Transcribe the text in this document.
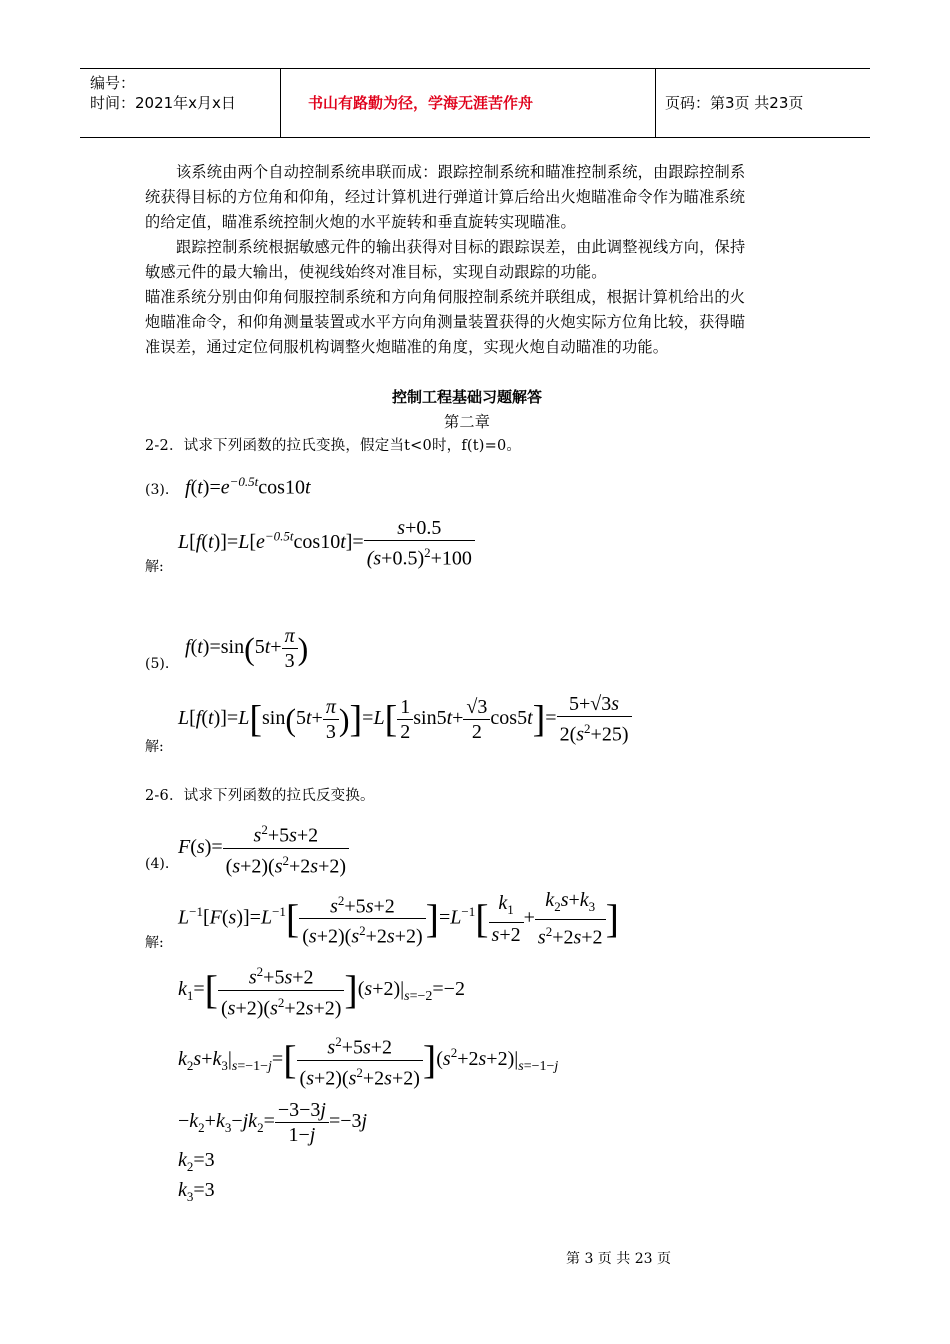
编号：
时间：2021年x月x日	书山有路勤为径，学海无涯苦作舟	页码：第3页 共23页
该系统由两个自动控制系统串联而成：跟踪控制系统和瞄准控制系统，由跟踪控制系
统获得目标的方位角和仰角，经过计算机进行弹道计算后给出火炮瞄准命令作为瞄准系统
的给定值，瞄准系统控制火炮的水平旋转和垂直旋转实现瞄准。
跟踪控制系统根据敏感元件的输出获得对目标的跟踪误差，由此调整视线方向，保持
敏感元件的最大输出，使视线始终对准目标，实现自动跟踪的功能。
瞄准系统分别由仰角伺服控制系统和方向角伺服控制系统并联组成，根据计算机给出的火
炮瞄准命令，和仰角测量装置或水平方向角测量装置获得的火炮实际方位角比较，获得瞄
准误差，通过定位伺服机构调整火炮瞄准的角度，实现火炮自动瞄准的功能。
控制工程基础习题解答
第二章
2-2．试求下列函数的拉氏变换，假定当t<0时，f(t)=0。
(3). $f(t)=e^{-0.5t}\cos 10t$
解:
$L[f(t)]=L[e^{-0.5t}\cos 10t]= \frac{s+0.5}{(s+0.5)^2+100}$
(5).
$f(t)=\sin(5t+ \frac{\pi}{3}$ )
解:
$L[f(t)]=L[\sin(5t+ \frac{\pi}{3} )]=L[ \frac{1}{2} \sin 5t+ \frac{√3}{2} \cos 5t]= \frac{5+√3s}{2(s^2+25)}$
2-6．试求下列函数的拉氏反变换。
(4).
$F(s)= \frac{s^2+5s+2}{(s+2)(s^2+2s+2)}$
解:
$L^{-1}[F(s)]=L^{-1}[ \frac{s^2+5s+2}{(s+2)(s^2+2s+2)} ]=L^{-1}[ \frac{k_1}{s+2} + \frac{k_2s+k_3}{s^2+2s+2}$ ]
$k_1=[ \frac{s^2+5s+2}{(s+2)(s^2+2s+2)} ](s+2)|_{s=-2}=-2$
$k_2s+k_3|_{s=-1-j}=[ \frac{s^2+5s+2}{(s+2)(s^2+2s+2)} ](s^2+2s+2)|_{s=-1-j}$
$-k_2+k_3-jk_2= \frac{-3-3j}{1-j} =-3j$
$k_2=3$
$k_3=3$
第 3 页 共 23 页
